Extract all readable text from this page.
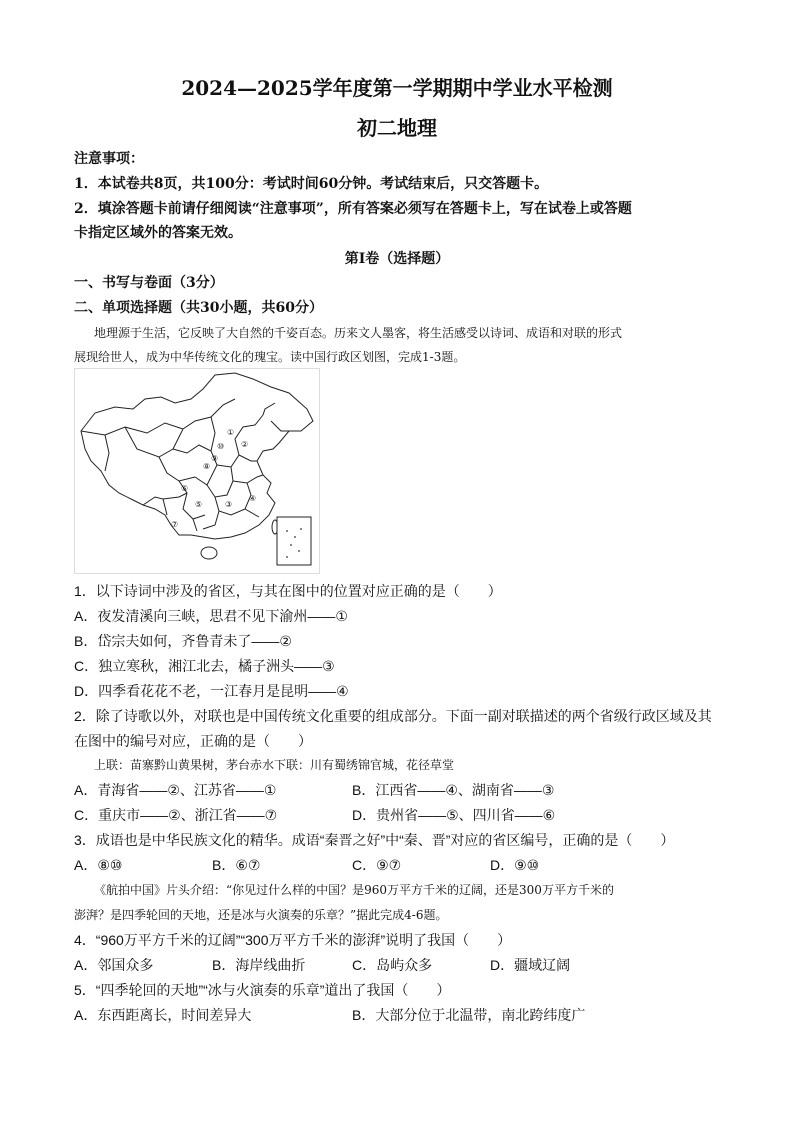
2024—2025学年度第一学期期中学业水平检测
初二地理
注意事项：
1．本试卷共8页，共100分：考试时间60分钟。考试结束后，只交答题卡。
2．填涂答题卡前请仔细阅读“注意事项”，所有答案必须写在答题卡上，写在试卷上或答题
卡指定区域外的答案无效。
第Ⅰ卷（选择题）
一、书写与卷面（3分）
二、单项选择题（共30小题，共60分）
地理源于生活，它反映了大自然的千姿百态。历来文人墨客，将生活感受以诗词、成语和对联的形式
展现给世人，成为中华传统文化的瑰宝。读中国行政区划图，完成1-3题。
①
②
③
④
⑤
⑥
⑦
⑧
⑨
⑩
1．以下诗词中涉及的省区，与其在图中的位置对应正确的是（　　）
A．夜发清溪向三峡，思君不见下渝州——①
B．岱宗夫如何，齐鲁青未了——②
C．独立寒秋，湘江北去，橘子洲头——③
D．四季看花花不老，一江春月是昆明——④
2．除了诗歌以外，对联也是中国传统文化重要的组成部分。下面一副对联描述的两个省级行政区域及其
在图中的编号对应，正确的是（　　）
上联：苗寨黔山黄果树，茅台赤水下联：川有蜀绣锦官城，花径草堂
A．青海省——②、江苏省——①	B．江西省——④、湖南省——③
C．重庆市——②、浙江省——⑦	D．贵州省——⑤、四川省——⑥
3．成语也是中华民族文化的精华。成语“秦晋之好”中“秦、晋”对应的省区编号，正确的是（　　）
A．⑧⑩	B．⑥⑦	C．⑨⑦	D．⑨⑩
《航拍中国》片头介绍：“你见过什么样的中国？是960万平方千米的辽阔，还是300万平方千米的
澎湃？是四季轮回的天地，还是冰与火演奏的乐章？”据此完成4-6题。
4．“960万平方千米的辽阔”“300万平方千米的澎湃”说明了我国（　　）
A．邻国众多	B．海岸线曲折	C．岛屿众多	D．疆域辽阔
5．“四季轮回的天地”“冰与火演奏的乐章”道出了我国（　　）
A．东西距离长，时间差异大	B．大部分位于北温带，南北跨纬度广
